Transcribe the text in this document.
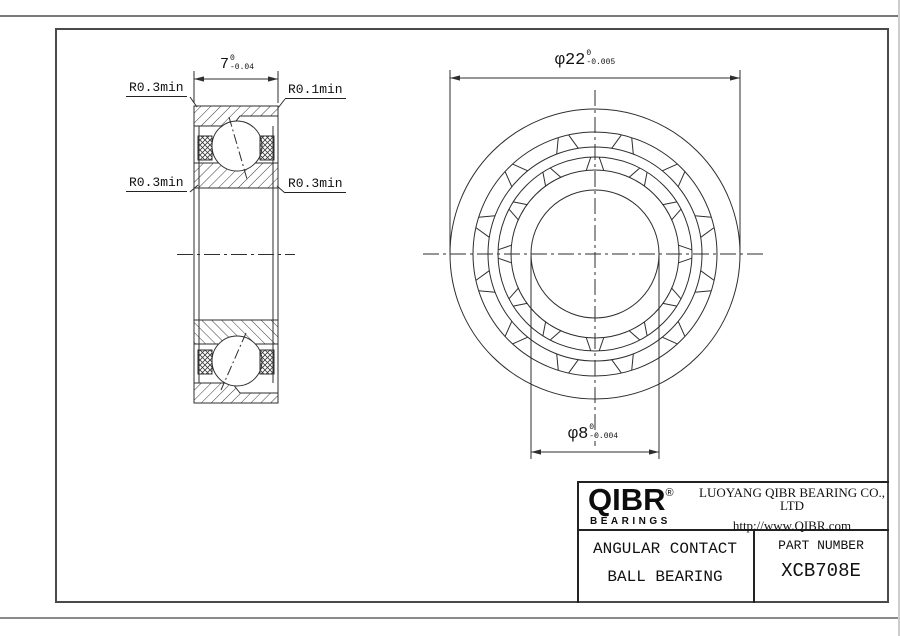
7 0
-0.04
R0.3min	R0.1min
R0.3min	R0.3min
φ22 0
-0.005
φ8 0
-0.004
QIBR®
BEARINGS
LUOYANG QIBR BEARING CO., LTD
http://www.QIBR.com
ANGULAR CONTACT
BALL BEARING
PART NUMBER
XCB708E
